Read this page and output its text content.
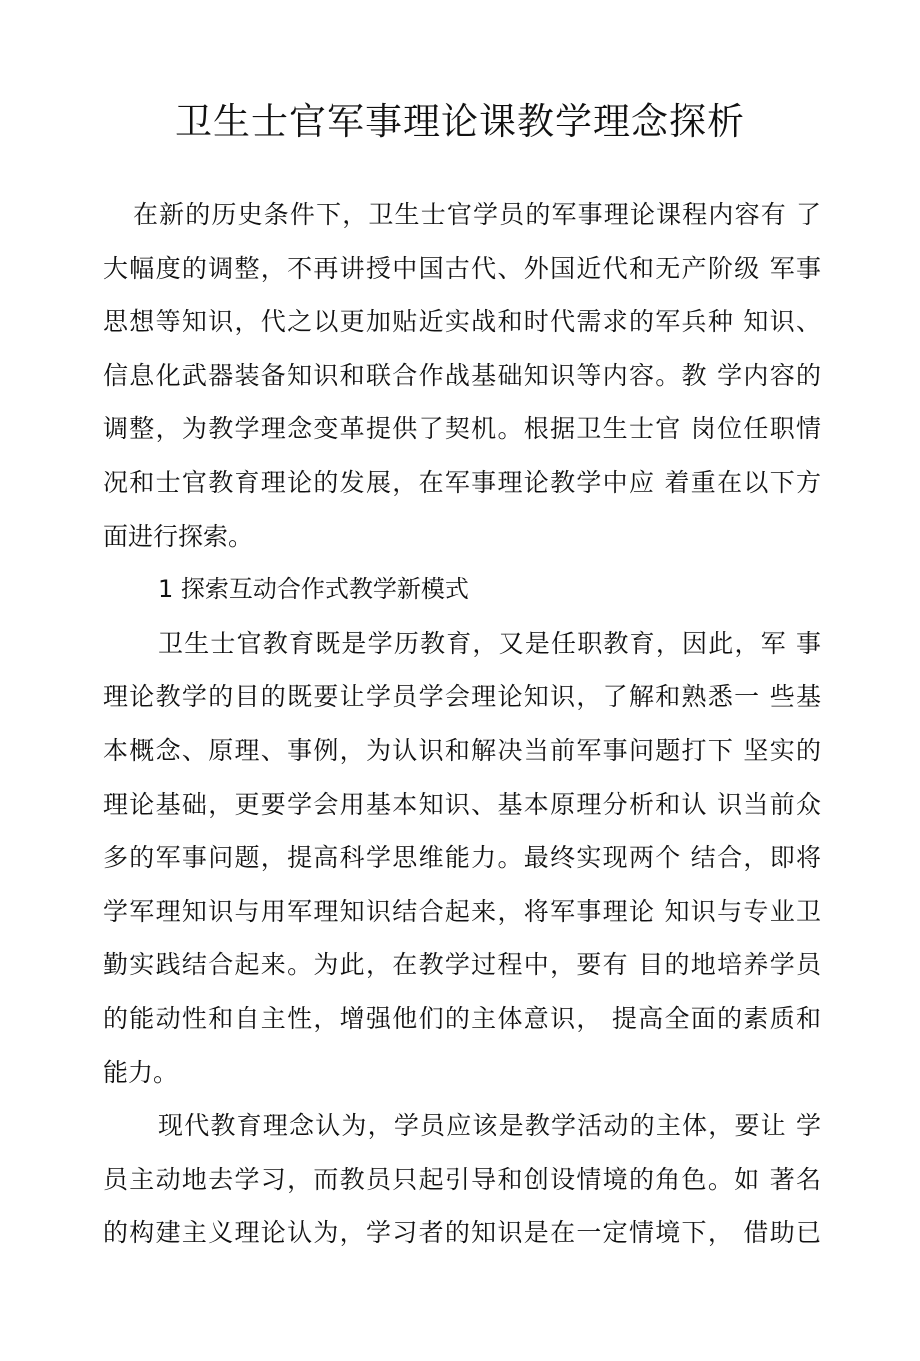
卫生士官军事理论课教学理念探析
在新的历史条件下，卫生士官学员的军事理论课程内容有 了
大幅度的调整，不再讲授中国古代、外国近代和无产阶级 军事
思想等知识，代之以更加贴近实战和时代需求的军兵种 知识、
信息化武器装备知识和联合作战基础知识等内容。教 学内容的
调整，为教学理念变革提供了契机。根据卫生士官 岗位任职情
况和士官教育理论的发展，在军事理论教学中应 着重在以下方
面进行探索。
1 探索互动合作式教学新模式
卫生士官教育既是学历教育，又是任职教育，因此，军 事
理论教学的目的既要让学员学会理论知识，了解和熟悉一 些基
本概念、原理、事例，为认识和解决当前军事问题打下 坚实的
理论基础，更要学会用基本知识、基本原理分析和认 识当前众
多的军事问题，提高科学思维能力。最终实现两个 结合，即将
学军理知识与用军理知识结合起来，将军事理论 知识与专业卫
勤实践结合起来。为此，在教学过程中，要有 目的地培养学员
的能动性和自主性，增强他们的主体意识， 提高全面的素质和
能力。
现代教育理念认为，学员应该是教学活动的主体，要让 学
员主动地去学习，而教员只起引导和创设情境的角色。如 著名
的构建主义理论认为，学习者的知识是在一定情境下， 借助已
